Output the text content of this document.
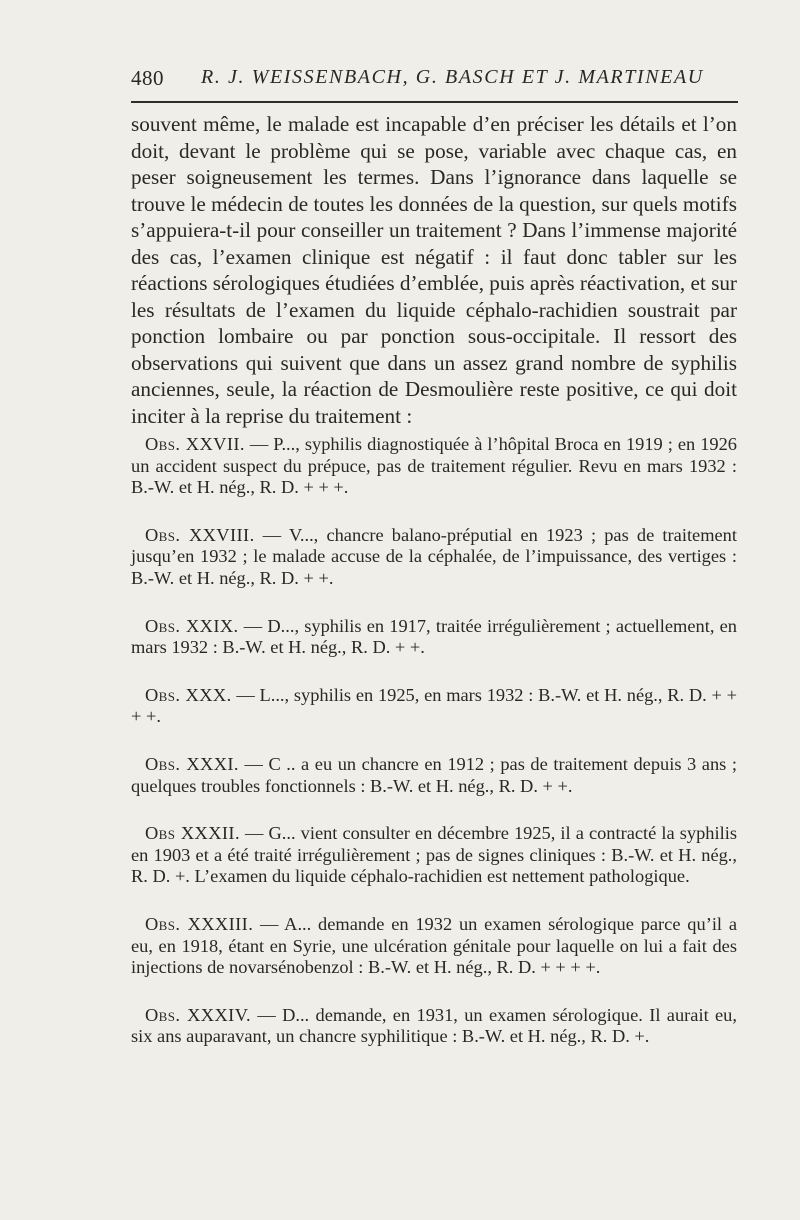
480 R. J. WEISSENBACH, G. BASCH ET J. MARTINEAU

souvent même, le malade est incapable d’en préciser les détails et l’on doit, devant le problème qui se pose, variable avec chaque cas, en peser soigneusement les termes. Dans l’ignorance dans laquelle se trouve le médecin de toutes les données de la question, sur quels motifs s’appuiera-t-il pour conseiller un traitement ? Dans l’immense majorité des cas, l’examen clinique est négatif : il faut donc tabler sur les réactions sérologiques étudiées d’emblée, puis après réactivation, et sur les résultats de l’examen du liquide céphalo-rachidien soustrait par ponction lombaire ou par ponction sous-occipitale. Il ressort des observations qui suivent que dans un assez grand nombre de syphilis anciennes, seule, la réaction de Desmoulière reste positive, ce qui doit inciter à la reprise du traitement :

Obs. XXVII. — P..., syphilis diagnostiquée à l’hôpital Broca en 1919 ; en 1926 un accident suspect du prépuce, pas de traitement régulier. Revu en mars 1932 : B.-W. et H. nég., R. D. + + +.

Obs. XXVIII. — V..., chancre balano-préputial en 1923 ; pas de traitement jusqu’en 1932 ; le malade accuse de la céphalée, de l’impuissance, des vertiges : B.-W. et H. nég., R. D. + +.

Obs. XXIX. — D..., syphilis en 1917, traitée irrégulièrement ; actuellement, en mars 1932 : B.-W. et H. nég., R. D. + +.

Obs. XXX. — L..., syphilis en 1925, en mars 1932 : B.-W. et H. nég., R. D. + + + +.

Obs. XXXI. — C .. a eu un chancre en 1912 ; pas de traitement depuis 3 ans ; quelques troubles fonctionnels : B.-W. et H. nég., R. D. + +.

Obs XXXII. — G... vient consulter en décembre 1925, il a contracté la syphilis en 1903 et a été traité irrégulièrement ; pas de signes cliniques : B.-W. et H. nég., R. D. +. L’examen du liquide céphalo-rachidien est nettement pathologique.

Obs. XXXIII. — A... demande en 1932 un examen sérologique parce qu’il a eu, en 1918, étant en Syrie, une ulcération génitale pour laquelle on lui a fait des injections de novarsénobenzol : B.-W. et H. nég., R. D. + + + +.

Obs. XXXIV. — D... demande, en 1931, un examen sérologique. Il aurait eu, six ans auparavant, un chancre syphilitique : B.-W. et H. nég., R. D. +.
